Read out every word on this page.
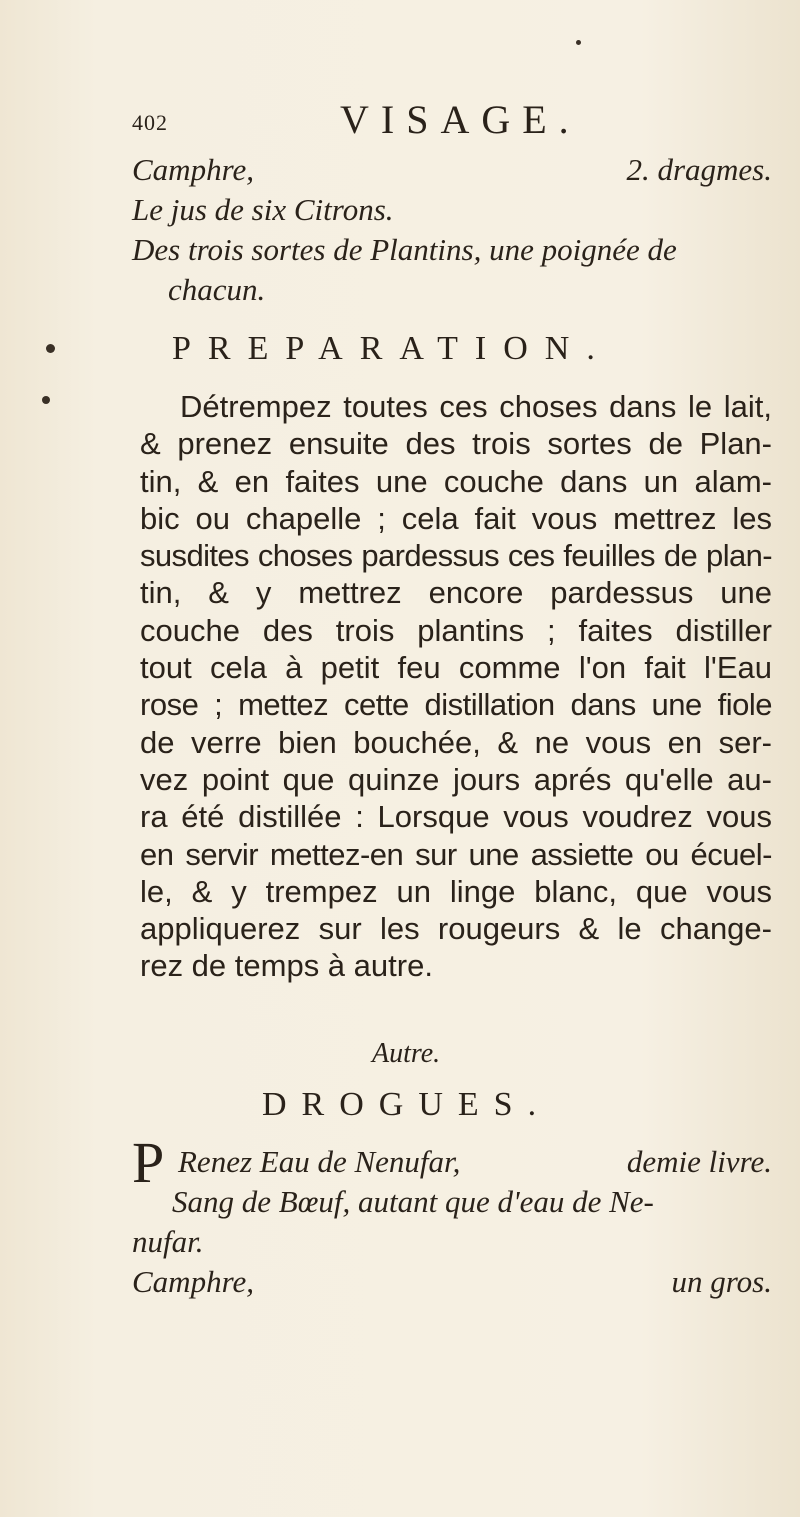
402	VISAGE.
Camphre,	2. dragmes.
Le jus de six Citrons.
Des trois sortes de Plantins, une poignée de
chacun.
PREPARATION.
Détrempez toutes ces choses dans le lait,
& prenez ensuite des trois sortes de Plan-
tin, & en faites une couche dans un alam-
bic ou chapelle ; cela fait vous mettrez les
susdites choses pardessus ces feuilles de plan-
tin, & y mettrez encore pardessus une
couche des trois plantins ; faites distiller
tout cela à petit feu comme l'on fait l'Eau
rose ; mettez cette distillation dans une fiole
de verre bien bouchée, & ne vous en ser-
vez point que quinze jours aprés qu'elle au-
ra été distillée : Lorsque vous voudrez vous
en servir mettez-en sur une assiette ou écuel-
le, & y trempez un linge blanc, que vous
appliquerez sur les rougeurs & le change-
rez de temps à autre.
Autre.
DROGUES.
P Renez Eau de Nenufar,	demie livre.
Sang de Bœuf, autant que d'eau de Ne-
nufar.
Camphre,	un gros.
